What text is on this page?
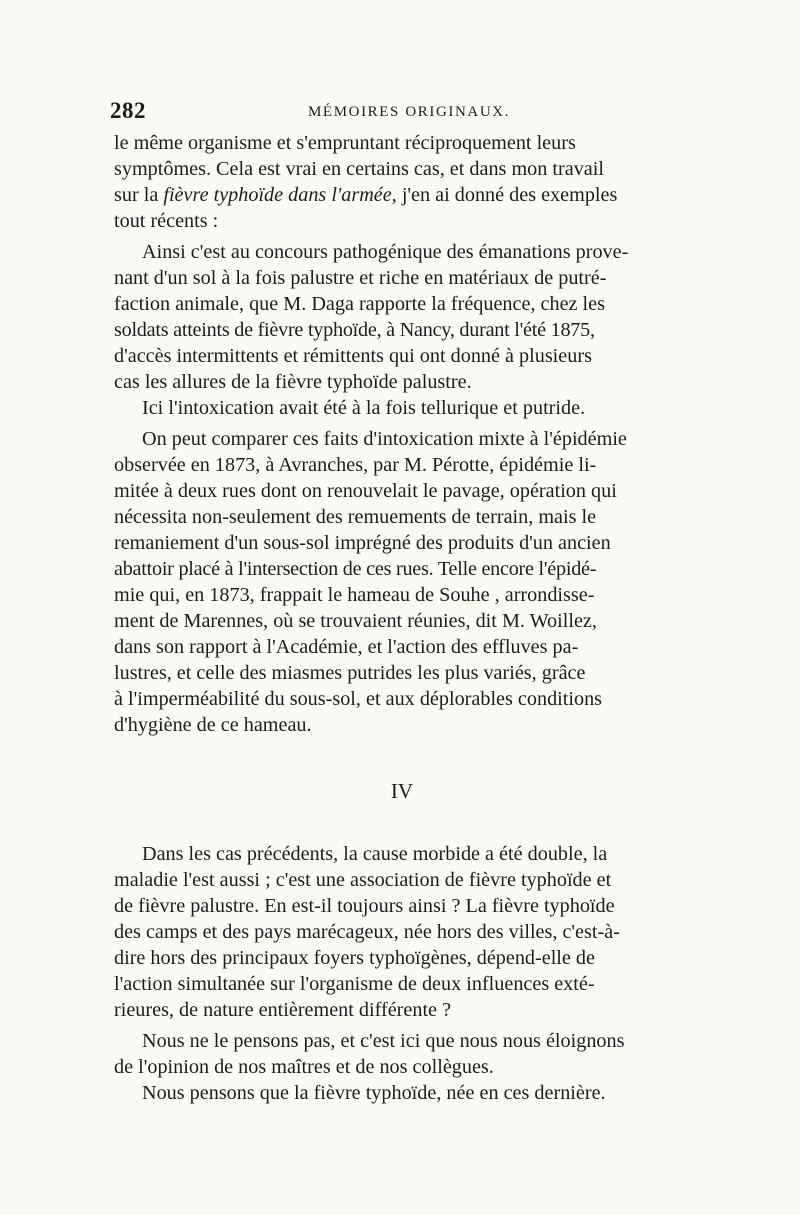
282	MÉMOIRES ORIGINAUX.

le même organisme et s'empruntant réciproquement leurs
symptômes. Cela est vrai en certains cas, et dans mon travail
sur la fièvre typhoïde dans l'armée, j'en ai donné des exemples
tout récents :

Ainsi c'est au concours pathogénique des émanations prove-
nant d'un sol à la fois palustre et riche en matériaux de putré-
faction animale, que M. Daga rapporte la fréquence, chez les
soldats atteints de fièvre typhoïde, à Nancy, durant l'été 1875,
d'accès intermittents et rémittents qui ont donné à plusieurs
cas les allures de la fièvre typhoïde palustre.

Ici l'intoxication avait été à la fois tellurique et putride.

On peut comparer ces faits d'intoxication mixte à l'épidémie
observée en 1873, à Avranches, par M. Pérotte, épidémie li-
mitée à deux rues dont on renouvelait le pavage, opération qui
nécessita non-seulement des remuements de terrain, mais le
remaniement d'un sous-sol imprégné des produits d'un ancien
abattoir placé à l'intersection de ces rues. Telle encore l'épidé-
mie qui, en 1873, frappait le hameau de Souhe , arrondisse-
ment de Marennes, où se trouvaient réunies, dit M. Woillez,
dans son rapport à l'Académie, et l'action des effluves pa-
lustres, et celle des miasmes putrides les plus variés, grâce
à l'imperméabilité du sous-sol, et aux déplorables conditions
d'hygiène de ce hameau.

IV

Dans les cas précédents, la cause morbide a été double, la
maladie l'est aussi ; c'est une association de fièvre typhoïde et
de fièvre palustre. En est-il toujours ainsi ? La fièvre typhoïde
des camps et des pays marécageux, née hors des villes, c'est-à-
dire hors des principaux foyers typhoïgènes, dépend-elle de
l'action simultanée sur l'organisme de deux influences exté-
rieures, de nature entièrement différente ?

Nous ne le pensons pas, et c'est ici que nous nous éloignons
de l'opinion de nos maîtres et de nos collègues.

Nous pensons que la fièvre typhoïde, née en ces dernière.
